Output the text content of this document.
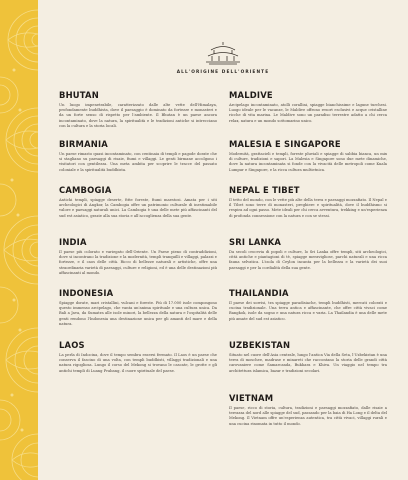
ALL'ORIGINE DELL'ORIENTE
BHUTAN

Un luogo impenetrabile, caratterizzato dalle alte vette dell'Himalaya, profondamente buddhista, dove il paesaggio è dominato da fortezze e monasteri e da un forte senso di rispetto per l'ambiente. Il Bhutan è un paese ancora incontaminato, dove la natura, la spiritualità e le tradizioni antiche si intrecciano con la cultura e la storia locali.

BIRMANIA

Un paese rimasto quasi incontaminato, con centinaia di templi e pagode dorate che si stagliano su paesaggi di risaie, fiumi e villaggi. Le genti birmane accolgono i visitatori con gentilezza. Una meta ambita per scoprire le tracce del passato coloniale e la spiritualità buddhista.

CAMBOGIA

Antichi templi, spiagge deserte, fitte foreste, fiumi maestosi. Amata per i siti archeologici di Angkor, la Cambogia offre un patrimonio culturale di inestimabile valore e paesaggi naturali unici. La Cambogia è una delle mete più affascinanti del sud est asiatico, grazie alla sua storia e all'accoglienza della sua gente.

INDIA

Il paese più colorato e variegato dell'Oriente. Un Paese pieno di contraddizioni, dove si incontrano la tradizione e la modernità, templi tranquilli e villaggi, palazzi e fortezze, e il caos delle città. Ricco di bellezze naturali e artistiche, offre una straordinaria varietà di paesaggi, culture e religioni, ed è una delle destinazioni più affascinanti al mondo.

INDONESIA

Spiagge dorate, mari cristallini, vulcani e foreste. Più di 17.000 isole compongono questo immenso arcipelago, che vanta un'anima spirituale e una cultura unica. Da Bali a Java, da Sumatra alle isole minori, la bellezza della natura e l'ospitalità delle genti rendono l'Indonesia una destinazione unica per gli amanti del mare e della natura.

LAOS

La perla di Indocina, dove il tempo sembra essersi fermato. Il Laos è un paese che conserva il fascino di una volta, con templi buddhisti, villaggi tradizionali e una natura rigogliosa. Lungo il corso del Mekong si trovano le cascate, le grotte e gli antichi templi di Luang Prabang, il cuore spirituale del paese.

MALDIVE

Arcipelago incontaminato, atolli corallini, spiagge bianchissime e lagune turchesi. Luogo ideale per le vacanze, le Maldive offrono resort esclusivi e acque cristalline ricche di vita marina. Le Maldive sono un paradiso terrestre adatto a chi cerca relax, natura e un mondo sottomarino unico.

MALESIA E SINGAPORE

Modernità, grattacieli e templi, foreste pluviali e spiagge di sabbia bianca, un mix di culture, tradizioni e sapori. La Malesia e Singapore sono due mete dinamiche, dove la natura incontaminata si fonde con la vivacità delle metropoli come Kuala Lumpur e Singapore, e la ricca cultura multietnica.

NEPAL E TIBET

Il tetto del mondo, con le vette più alte della terra e paesaggi mozzafiato. Il Nepal e il Tibet sono terre di monasteri, preghiere e spiritualità, dove il buddhismo si respira ad ogni passo. Mete ideali per chi cerca avventura, trekking e un'esperienza di profonda connessione con la natura e con se stessi.

SRI LANKA

Da secoli crocevia di popoli e culture, lo Sri Lanka offre templi, siti archeologici, città antiche e piantagioni di tè, spiagge meravigliose, parchi naturali e una ricca fauna selvatica. L'isola di Ceylon incanta per la bellezza e la varietà dei suoi paesaggi e per la cordialità della sua gente.

THAILANDIA

Il paese dei sorrisi, tra spiagge paradisiache, templi buddhisti, mercati colorati e cucina tradizionale. Una terra antica e affascinante, che offre città vivaci come Bangkok, isole da sogno e una natura ricca e varia. La Thailandia è una delle mete più amate del sud est asiatico.

UZBEKISTAN

Situato nel cuore dell'Asia centrale, lungo l'antica Via della Seta, l'Uzbekistan è una terra di moschee, madrase e minareti che raccontano la storia delle grandi città carovaniere come Samarcanda, Bukhara e Khiva. Un viaggio nel tempo tra architettura islamica, bazar e tradizioni secolari.

VIETNAM

Il paese, ricco di storia, cultura, tradizioni e paesaggi mozzafiato, dalle risaie a terrazza del nord alle spiagge del sud, passando per la baia di Ha Long e il delta del Mekong. Il Vietnam offre un'esperienza autentica, tra città vivaci, villaggi rurali e una cucina rinomata in tutto il mondo.
